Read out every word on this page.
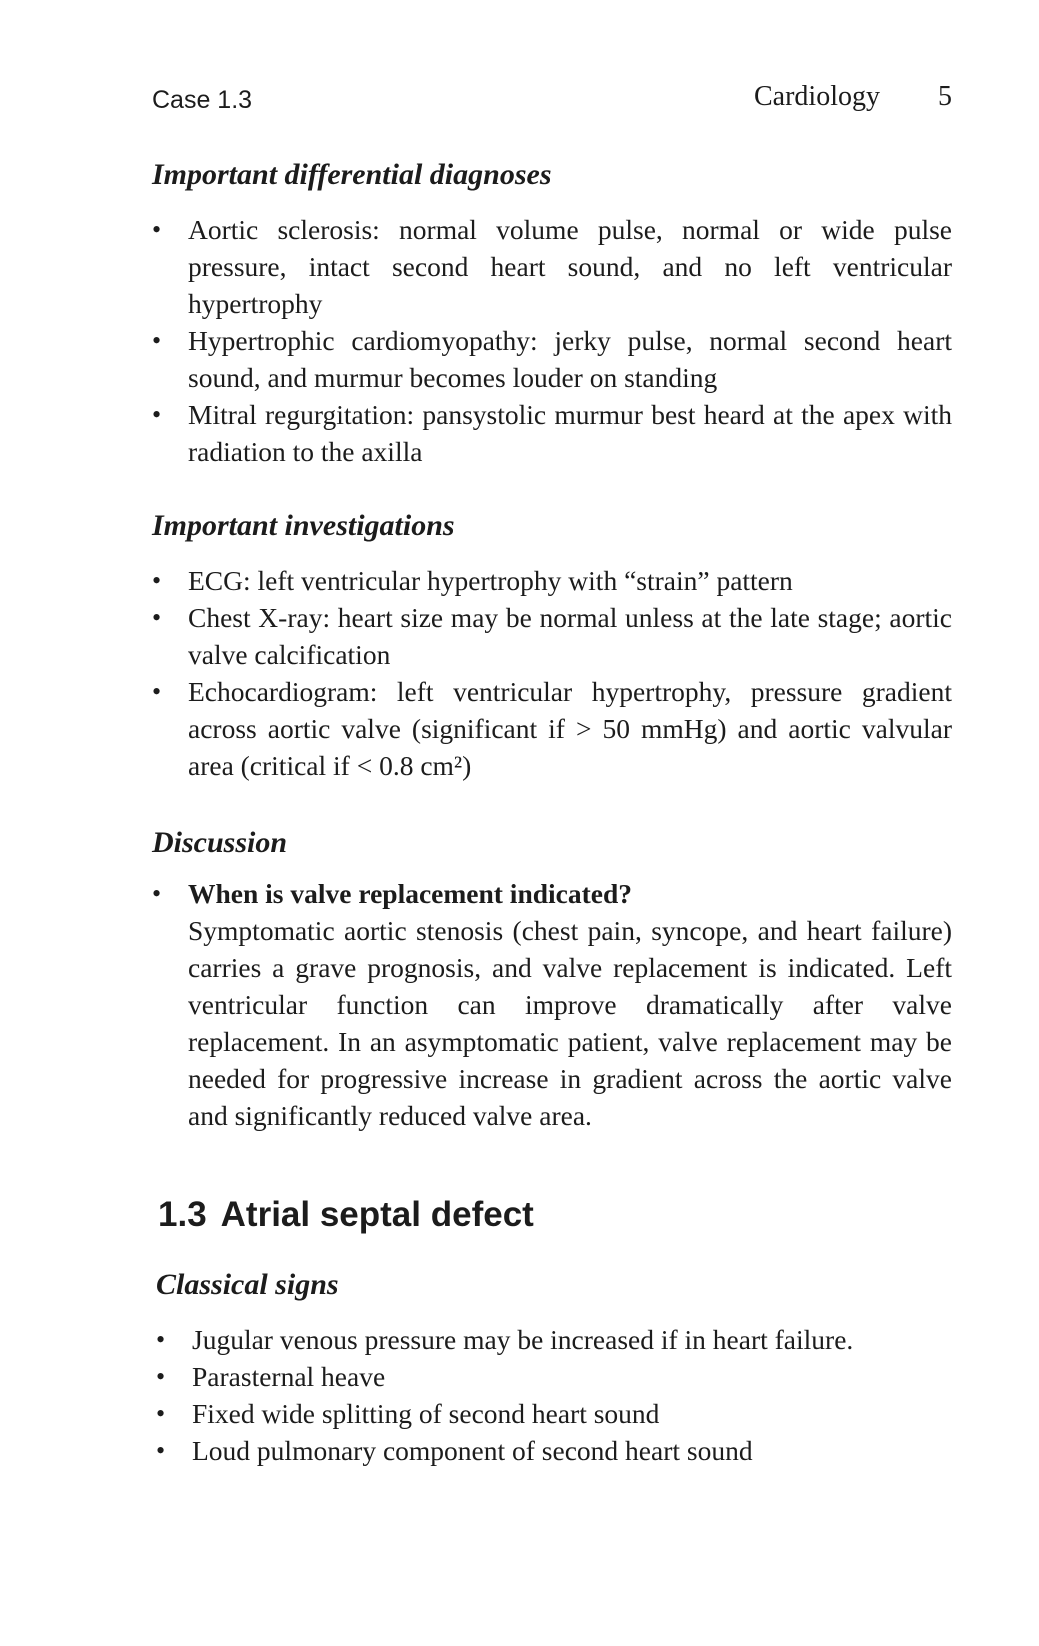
Case 1.3	Cardiology 5
Important differential diagnoses
• Aortic sclerosis: normal volume pulse, normal or wide pulse pressure, intact second heart sound, and no left ventricular hypertrophy
• Hypertrophic cardiomyopathy: jerky pulse, normal second heart sound, and murmur becomes louder on standing
• Mitral regurgitation: pansystolic murmur best heard at the apex with radiation to the axilla
Important investigations
• ECG: left ventricular hypertrophy with “strain” pattern
• Chest X-ray: heart size may be normal unless at the late stage; aortic valve calcification
• Echocardiogram: left ventricular hypertrophy, pressure gradient across aortic valve (significant if > 50 mmHg) and aortic valvular area (critical if < 0.8 cm²)
Discussion
• When is valve replacement indicated?
Symptomatic aortic stenosis (chest pain, syncope, and heart failure) carries a grave prognosis, and valve replacement is indicated. Left ventricular function can improve dramatically after valve replacement. In an asymptomatic patient, valve replacement may be needed for progressive increase in gradient across the aortic valve and significantly reduced valve area.
1.3 Atrial septal defect
Classical signs
• Jugular venous pressure may be increased if in heart failure.
• Parasternal heave
• Fixed wide splitting of second heart sound
• Loud pulmonary component of second heart sound
